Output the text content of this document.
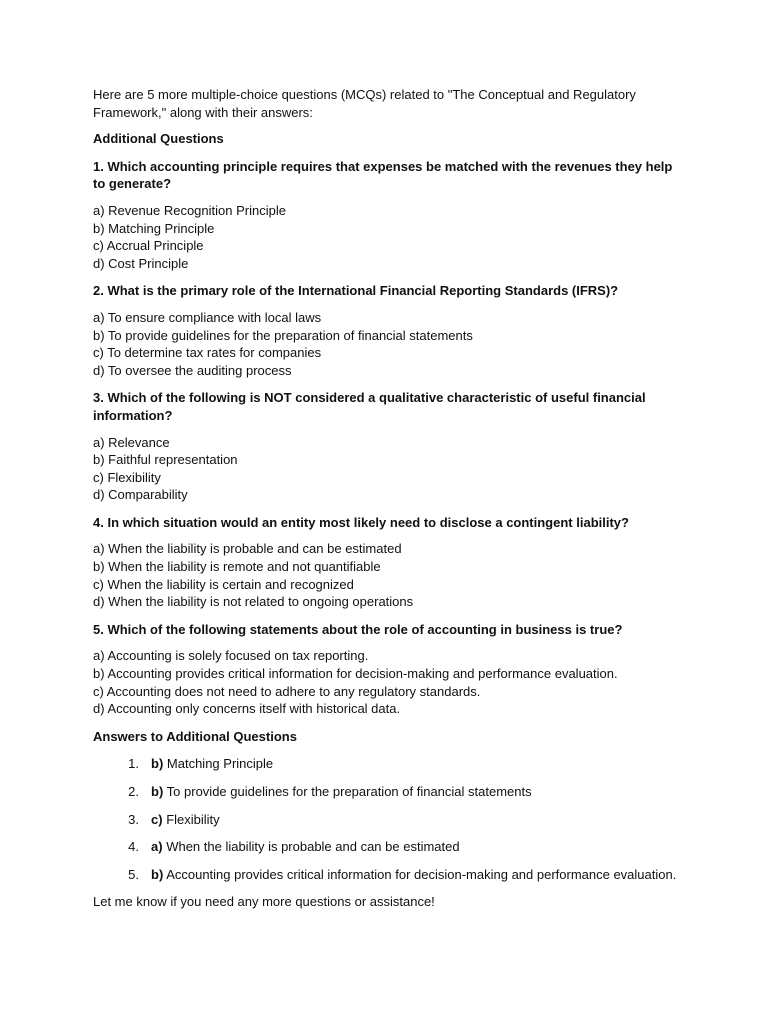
Here are 5 more multiple-choice questions (MCQs) related to "The Conceptual and Regulatory Framework," along with their answers:

Additional Questions

1. Which accounting principle requires that expenses be matched with the revenues they help to generate?

a) Revenue Recognition Principle
b) Matching Principle
c) Accrual Principle
d) Cost Principle

2. What is the primary role of the International Financial Reporting Standards (IFRS)?

a) To ensure compliance with local laws
b) To provide guidelines for the preparation of financial statements
c) To determine tax rates for companies
d) To oversee the auditing process

3. Which of the following is NOT considered a qualitative characteristic of useful financial information?

a) Relevance
b) Faithful representation
c) Flexibility
d) Comparability

4. In which situation would an entity most likely need to disclose a contingent liability?

a) When the liability is probable and can be estimated
b) When the liability is remote and not quantifiable
c) When the liability is certain and recognized
d) When the liability is not related to ongoing operations

5. Which of the following statements about the role of accounting in business is true?

a) Accounting is solely focused on tax reporting.
b) Accounting provides critical information for decision-making and performance evaluation.
c) Accounting does not need to adhere to any regulatory standards.
d) Accounting only concerns itself with historical data.

Answers to Additional Questions

1. b) Matching Principle
2. b) To provide guidelines for the preparation of financial statements
3. c) Flexibility
4. a) When the liability is probable and can be estimated
5. b) Accounting provides critical information for decision-making and performance evaluation.

Let me know if you need any more questions or assistance!
